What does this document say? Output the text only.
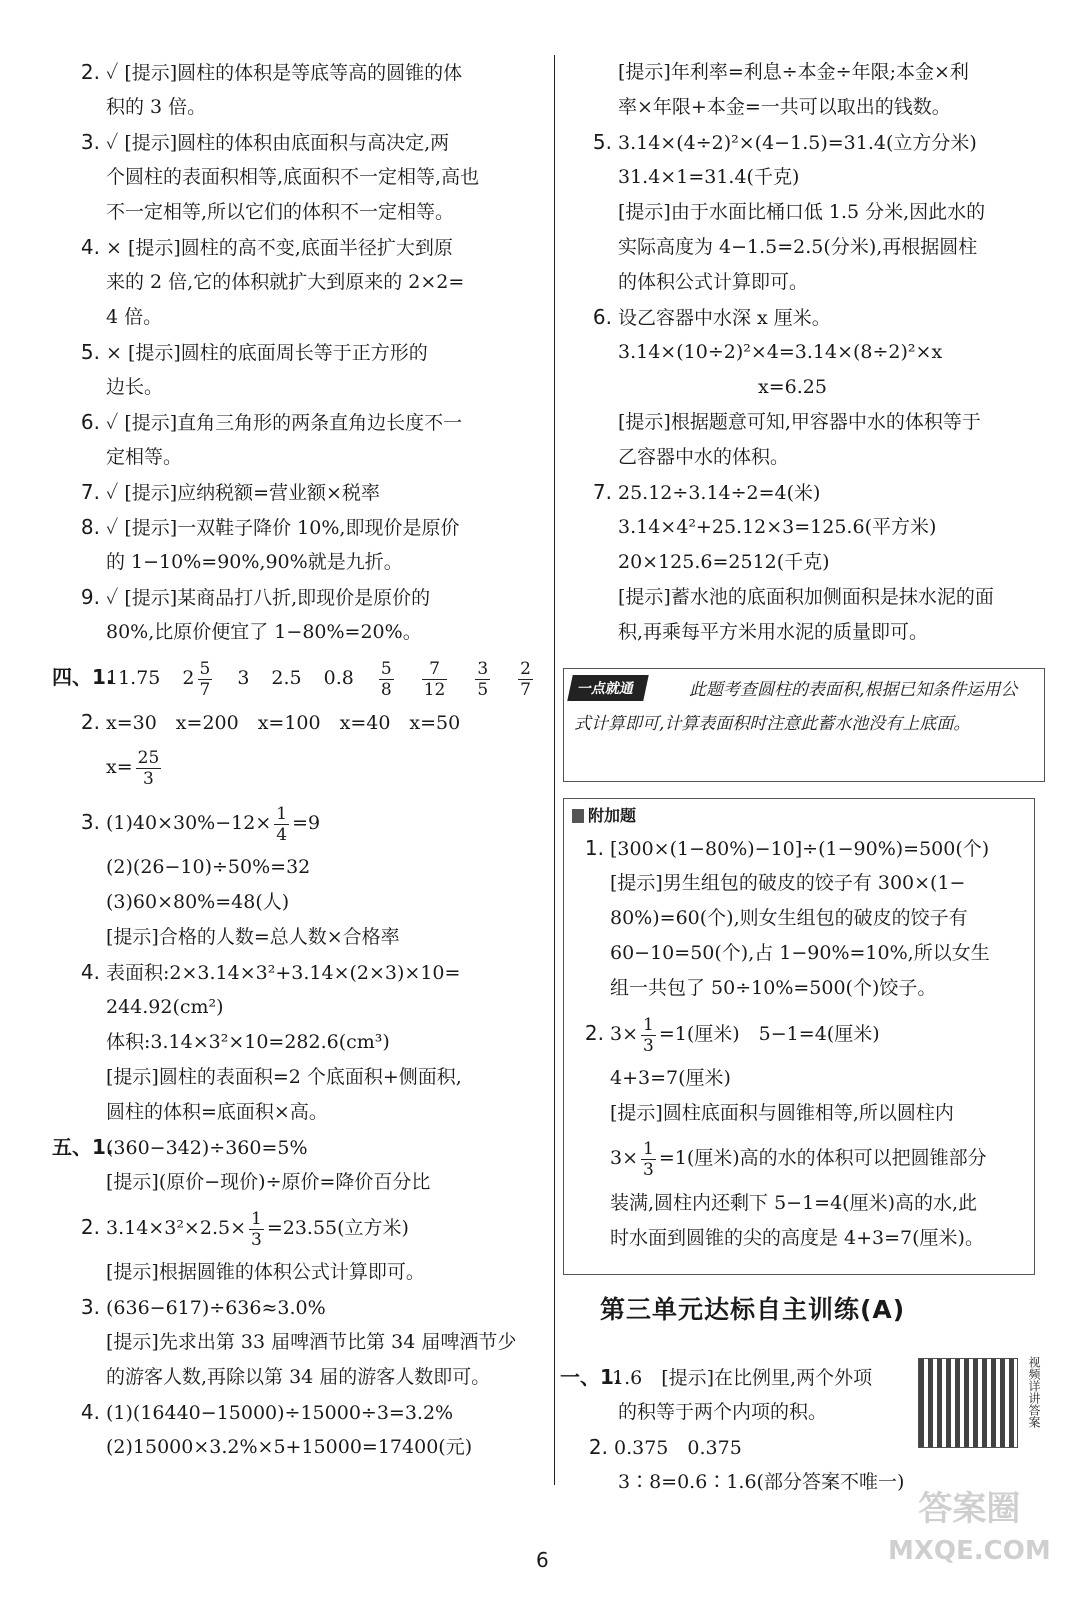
2. ✓ [提示]圆柱的体积是等底等高的圆锥的体
积的 3 倍。
3. ✓ [提示]圆柱的体积由底面积与高决定,两
个圆柱的表面积相等,底面积不一定相等,高也
不一定相等,所以它们的体积不一定相等。
4. × [提示]圆柱的高不变,底面半径扩大到原
来的 2 倍,它的体积就扩大到原来的 2×2=
4 倍。
5. × [提示]圆柱的底面周长等于正方形的
边长。
6. ✓ [提示]直角三角形的两条直角边长度不一
定相等。
7. ✓ [提示]应纳税额=营业额×税率
8. ✓ [提示]一双鞋子降价 10%,即现价是原价
的 1−10%=90%,90%就是九折。
9. ✓ [提示]某商品打八折,即现价是原价的
80%,比原价便宜了 1−80%=20%。
四、1.11.75 $2 \frac{5}{7} 3$ 2.5 $0.8 \frac{5}{8} \frac{7}{12} \frac{3}{5} \frac{2}{7}$
2. x=30　x=200　x=100　x=40　x=50
$x= \frac{25}{3}$
3. $(1)40\times 30\%-12\times \frac{1}{4} =9$
(2)(26−10)÷50%=32
(3)60×80%=48(人)
[提示]合格的人数=总人数×合格率
4. 表面积:2×3.14×3²+3.14×(2×3)×10=
244.92(cm²)
体积:3.14×3²×10=282.6(cm³)
[提示]圆柱的表面积=2 个底面积+侧面积,
圆柱的体积=底面积×高。
五、1.(360−342)÷360=5%
[提示](原价−现价)÷原价=降价百分比
2. $3.14\times 3^2\times 2.5\times \frac{1}{3} =23.55$(立方米)
[提示]根据圆锥的体积公式计算即可。
3. (636−617)÷636≈3.0%
[提示]先求出第 33 届啤酒节比第 34 届啤酒节少
的游客人数,再除以第 34 届的游客人数即可。
4. (1)(16440−15000)÷15000÷3=3.2%
(2)15000×3.2%×5+15000=17400(元)
[提示]年利率=利息÷本金÷年限;本金×利
率×年限+本金=一共可以取出的钱数。
5. 3.14×(4÷2)²×(4−1.5)=31.4(立方分米)
31.4×1=31.4(千克)
[提示]由于水面比桶口低 1.5 分米,因此水的
实际高度为 4−1.5=2.5(分米),再根据圆柱
的体积公式计算即可。
6. 设乙容器中水深 x 厘米。
3.14×(10÷2)²×4=3.14×(8÷2)²×x
x=6.25
[提示]根据题意可知,甲容器中水的体积等于
乙容器中水的体积。
7. 25.12÷3.14÷2=4(米)
3.14×4²+25.12×3=125.6(平方米)
20×125.6=2512(千克)
[提示]蓄水池的底面积加侧面积是抹水泥的面
积,再乘每平方米用水泥的质量即可。
此题考查圆柱的表面积,根据已知条件运用公式计算即可,计算表面积时注意此蓄水池没有上底面。
一点就通
附加题
1. [300×(1−80%)−10]÷(1−90%)=500(个)
[提示]男生组包的破皮的饺子有 300×(1−
80%)=60(个),则女生组包的破皮的饺子有
60−10=50(个),占 1−90%=10%,所以女生
组一共包了 50÷10%=500(个)饺子。
2. $3\times \frac{1}{3} =1$(厘米)　5−1=4(厘米)
4+3=7(厘米)
[提示]圆柱底面积与圆锥相等,所以圆柱内
$3\times \frac{1}{3} =1$(厘米)高的水的体积可以把圆锥部分
装满,圆柱内还剩下 5−1=4(厘米)高的水,此
时水面到圆锥的尖的高度是 4+3=7(厘米)。
第三单元达标自主训练(A)
一、1.1.6　[提示]在比例里,两个外项
的积等于两个内项的积。
2. 0.375　0.375
3∶8=0.6∶1.6(部分答案不唯一)
视频详讲答案
6
答案圈
MXQE.COM
